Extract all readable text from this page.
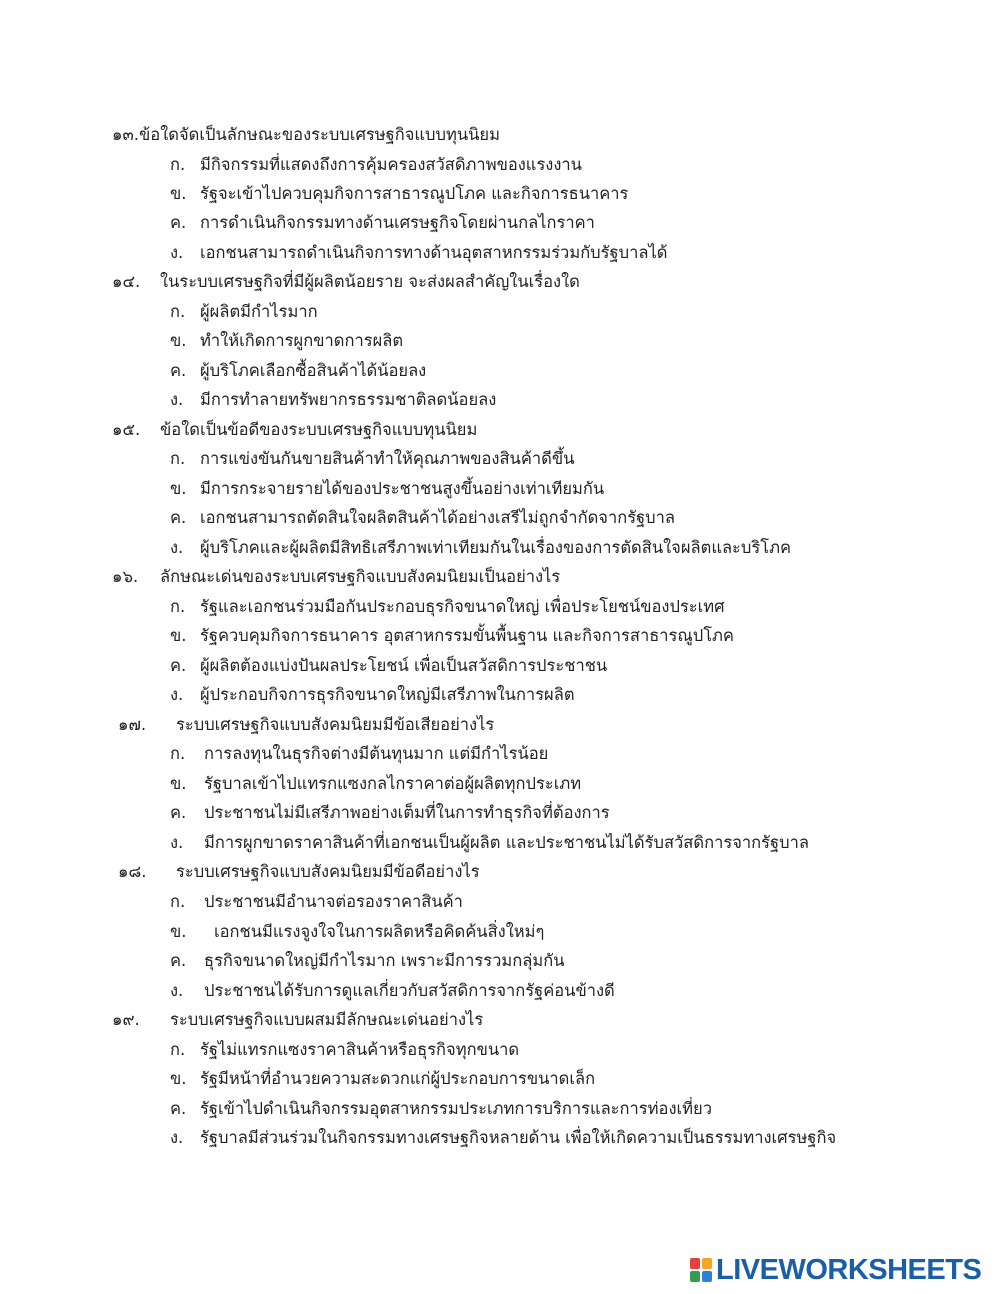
๑๓.ข้อใดจัดเป็นลักษณะของระบบเศรษฐกิจแบบทุนนิยม
ก. มีกิจกรรมที่แสดงถึงการคุ้มครองสวัสดิภาพของแรงงาน
ข. รัฐจะเข้าไปควบคุมกิจการสาธารณูปโภค และกิจการธนาคาร
ค. การดำเนินกิจกรรมทางด้านเศรษฐกิจโดยผ่านกลไกราคา
ง. เอกชนสามารถดำเนินกิจการทางด้านอุตสาหกรรมร่วมกับรัฐบาลได้
๑๔. ในระบบเศรษฐกิจที่มีผู้ผลิตน้อยราย จะส่งผลสำคัญในเรื่องใด
ก. ผู้ผลิตมีกำไรมาก
ข. ทำให้เกิดการผูกขาดการผลิต
ค. ผู้บริโภคเลือกซื้อสินค้าได้น้อยลง
ง. มีการทำลายทรัพยากรธรรมชาติลดน้อยลง
๑๕. ข้อใดเป็นข้อดีของระบบเศรษฐกิจแบบทุนนิยม
ก. การแข่งขันกันขายสินค้าทำให้คุณภาพของสินค้าดีขึ้น
ข. มีการกระจายรายได้ของประชาชนสูงขึ้นอย่างเท่าเทียมกัน
ค. เอกชนสามารถตัดสินใจผลิตสินค้าได้อย่างเสรีไม่ถูกจำกัดจากรัฐบาล
ง. ผู้บริโภคและผู้ผลิตมีสิทธิเสรีภาพเท่าเทียมกันในเรื่องของการตัดสินใจผลิตและบริโภค
๑๖. ลักษณะเด่นของระบบเศรษฐกิจแบบสังคมนิยมเป็นอย่างไร
ก. รัฐและเอกชนร่วมมือกันประกอบธุรกิจขนาดใหญ่ เพื่อประโยชน์ของประเทศ
ข. รัฐควบคุมกิจการธนาคาร อุตสาหกรรมขั้นพื้นฐาน และกิจการสาธารณูปโภค
ค. ผู้ผลิตต้องแบ่งปันผลประโยชน์ เพื่อเป็นสวัสดิการประชาชน
ง. ผู้ประกอบกิจการธุรกิจขนาดใหญ่มีเสรีภาพในการผลิต
๑๗. ระบบเศรษฐกิจแบบสังคมนิยมมีข้อเสียอย่างไร
ก. การลงทุนในธุรกิจต่างมีต้นทุนมาก แต่มีกำไรน้อย
ข. รัฐบาลเข้าไปแทรกแซงกลไกราคาต่อผู้ผลิตทุกประเภท
ค. ประชาชนไม่มีเสรีภาพอย่างเต็มที่ในการทำธุรกิจที่ต้องการ
ง. มีการผูกขาดราคาสินค้าที่เอกชนเป็นผู้ผลิต และประชาชนไม่ได้รับสวัสดิการจากรัฐบาล
๑๘. ระบบเศรษฐกิจแบบสังคมนิยมมีข้อดีอย่างไร
ก. ประชาชนมีอำนาจต่อรองราคาสินค้า
ข. เอกชนมีแรงจูงใจในการผลิตหรือคิดค้นสิ่งใหม่ๆ
ค. ธุรกิจขนาดใหญ่มีกำไรมาก เพราะมีการรวมกลุ่มกัน
ง. ประชาชนได้รับการดูแลเกี่ยวกับสวัสดิการจากรัฐค่อนข้างดี
๑๙. ระบบเศรษฐกิจแบบผสมมีลักษณะเด่นอย่างไร
ก. รัฐไม่แทรกแซงราคาสินค้าหรือธุรกิจทุกขนาด
ข. รัฐมีหน้าที่อำนวยความสะดวกแก่ผู้ประกอบการขนาดเล็ก
ค. รัฐเข้าไปดำเนินกิจกรรมอุตสาหกรรมประเภทการบริการและการท่องเที่ยว
ง. รัฐบาลมีส่วนร่วมในกิจกรรมทางเศรษฐกิจหลายด้าน เพื่อให้เกิดความเป็นธรรมทางเศรษฐกิจ
LIVEWORKSHEETS
